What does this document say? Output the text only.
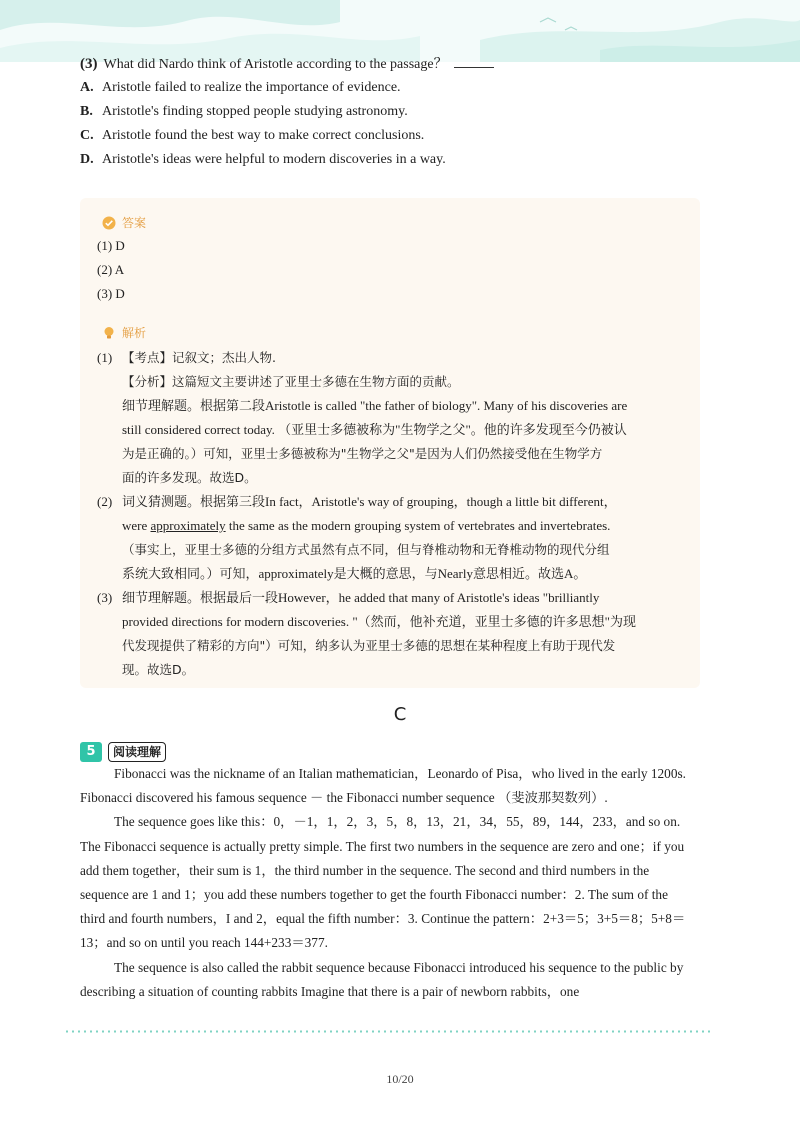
(3) What did Nardo think of Aristotle according to the passage？
A. Aristotle failed to realize the importance of evidence.
B. Aristotle's finding stopped people studying astronomy.
C. Aristotle found the best way to make correct conclusions.
D. Aristotle's ideas were helpful to modern discoveries in a way.
答案
(1) D
(2) A
(3) D
解析
(1) 【考点】记叙文；杰出人物.
【分析】这篇短文主要讲述了亚里士多德在生物方面的贡献。
细节理解题。根据第二段Aristotle is called "the father of biology". Many of his discoveries are
still considered correct today. （亚里士多德被称为"生物学之父"。他的许多发现至今仍被认
为是正确的。）可知，亚里士多德被称为"生物学之父"是因为人们仍然接受他在生物学方
面的许多发现。故选D。
(2) 词义猜测题。根据第三段In fact，Aristotle's way of grouping，though a little bit different，
were approximately the same as the modern grouping system of vertebrates and invertebrates.
（事实上，亚里士多德的分组方式虽然有点不同，但与脊椎动物和无脊椎动物的现代分组
系统大致相同。）可知，approximately是大概的意思，与Nearly意思相近。故选A。
(3) 细节理解题。根据最后一段However，he added that many of Aristotle's ideas "brilliantly
provided directions for modern discoveries. "（然而，他补充道，亚里士多德的许多思想"为现
代发现提供了精彩的方向"）可知，纳多认为亚里士多德的思想在某种程度上有助于现代发
现。故选D。
C
5	阅读理解

Fibonacci was the nickname of an Italian mathematician，Leonardo of Pisa，who lived in the early 1200s. Fibonacci discovered his famous sequence － the Fibonacci number sequence （斐波那契数列）.

The sequence goes like this：0，－1，1，2，3，5，8，13，21，34，55，89，144，233，and so on. The Fibonacci sequence is actually pretty simple. The first two numbers in the sequence are zero and one；if you add them together，their sum is 1，the third number in the sequence. The second and third numbers in the sequence are 1 and 1；you add these numbers together to get the fourth Fibonacci number：2. The sum of the third and fourth numbers，I and 2，equal the fifth number：3. Continue the pattern：2+3＝5；3+5＝8；5+8＝13；and so on until you reach 144+233＝377.

The sequence is also called the rabbit sequence because Fibonacci introduced his sequence to the public by describing a situation of counting rabbits Imagine that there is a pair of newborn rabbits，one

10/20
